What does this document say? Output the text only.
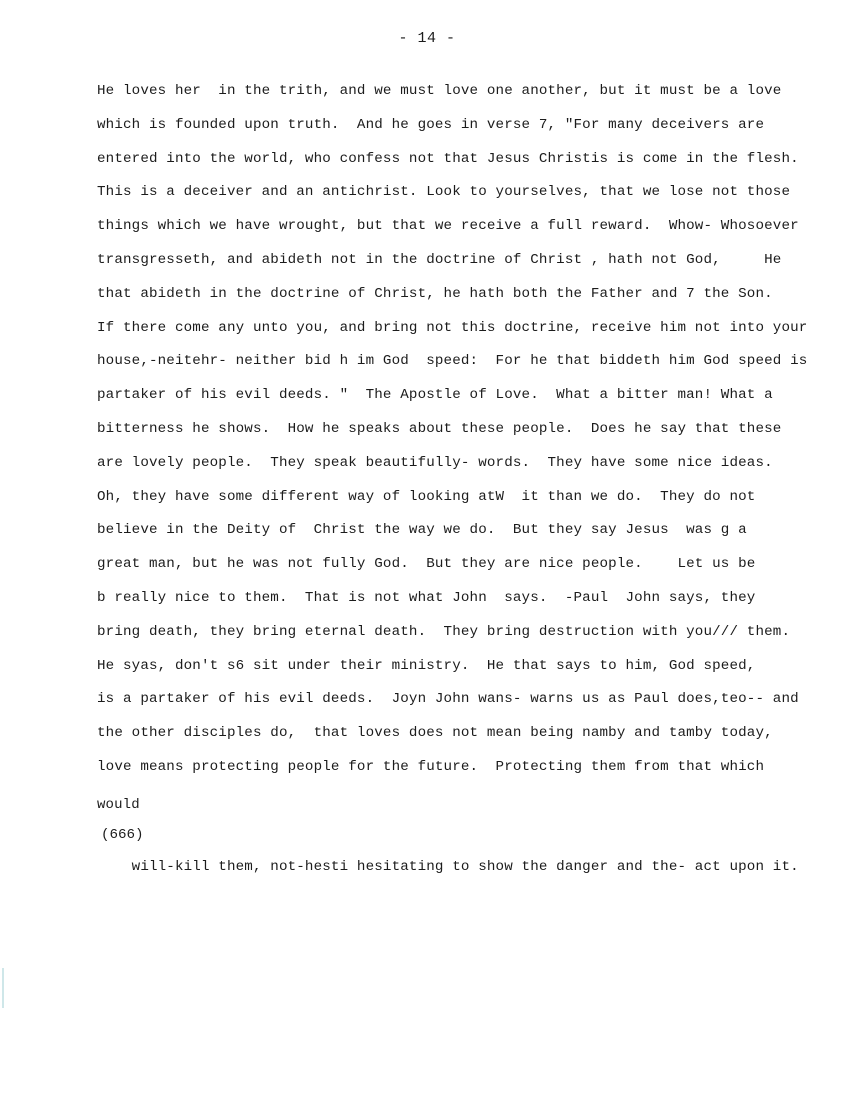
- 14 -
He loves her  in the trith, and we must love one another, but it must be a love
which is founded upon truth.  And he goes in verse 7, "For many deceivers are
entered into the world, who confess not that Jesus Christis is come in the flesh.
This is a deceiver and an antichrist. Look to yourselves, that we lose not those
things which we have wrought, but that we receive a full reward.  Whow- Whosoever
transgresseth, and abideth not in the doctrine of Christ , hath not God,     He
that abideth in the doctrine of Christ, he hath both the Father and 7 the Son.
If there come any unto you, and bring not this doctrine, receive him not into your
house,-neitehr- neither bid h im God  speed:  For he that biddeth him God speed is
partaker of his evil deeds. "  The Apostle of Love.  What a bitter man! What a
bitterness he shows.  How he speaks about these people.  Does he say that these
are lovely people.  They speak beautifully- words.  They have some nice ideas.
Oh, they have some different way of looking atW  it than we do.  They do not
believe in the Deity of  Christ the way we do.  But they say Jesus  was g a
great man, but he was not fully God.  But they are nice people.    Let us be
b really nice to them.  That is not what John  says.  -Paul  John says, they
bring death, they bring eternal death.  They bring destruction with you/// them.
He syas, don't s6 sit under their ministry.  He that says to him, God speed,
is a partaker of his evil deeds.  Joyn John wans- warns us as Paul does,teo-- and
the other disciples do,  that loves does not mean being namby and tamby today,
love means protecting people for the future.  Protecting them from that which

would

will-kill them, not-hesti hesitating to show the danger and the- act upon it.

(666)
